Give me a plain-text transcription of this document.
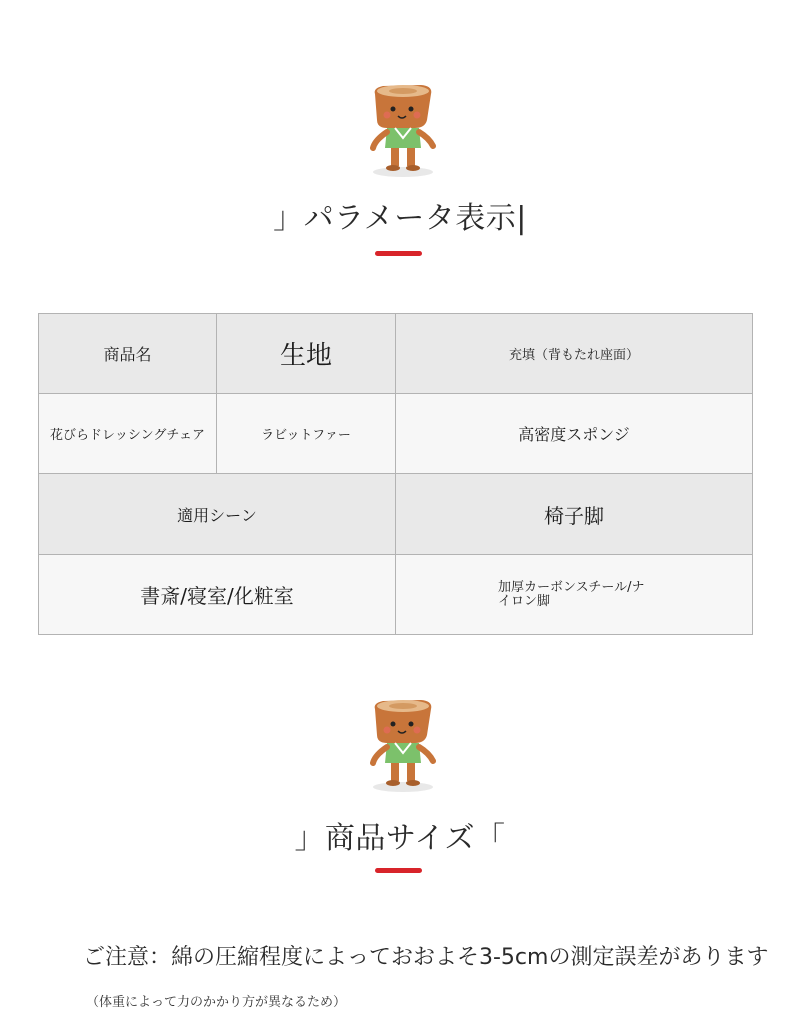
」パラメータ表示|
商品名	生地	充填（背もたれ座面）
花びらドレッシングチェア	ラビットファー	高密度スポンジ
適用シーン		椅子脚
書斎/寝室/化粧室		加厚カーボンスチール/ナ
イロン脚
」商品サイズ「
ご注意：綿の圧縮程度によっておおよそ3-5cmの測定誤差があります
（体重によって力のかかり方が異なるため）
